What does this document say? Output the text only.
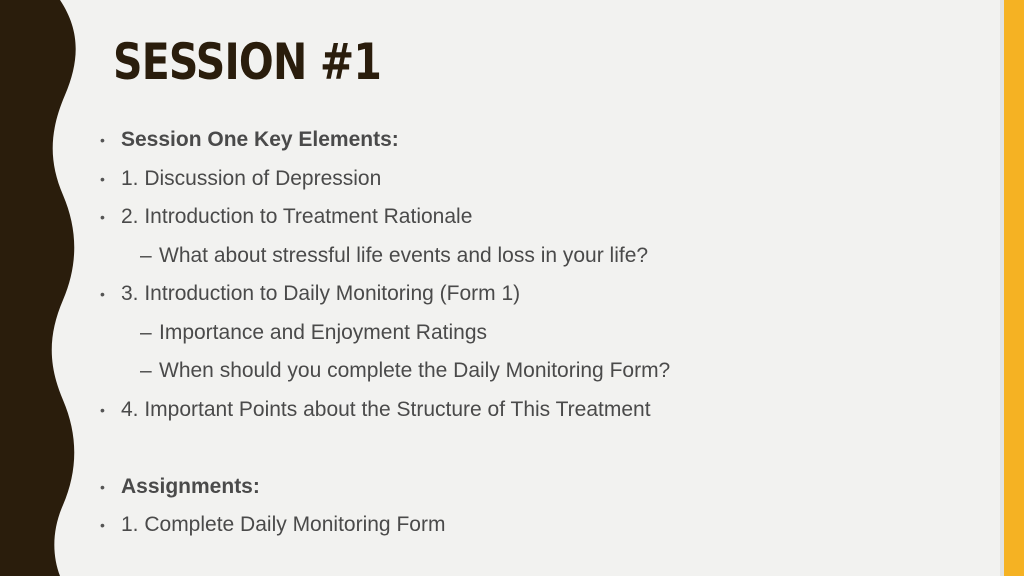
SESSION #1
• Session One Key Elements:
• 1. Discussion of Depression
• 2. Introduction to Treatment Rationale
– What about stressful life events and loss in your life?
• 3. Introduction to Daily Monitoring (Form 1)
– Importance and Enjoyment Ratings
– When should you complete the Daily Monitoring Form?
• 4. Important Points about the Structure of This Treatment
• Assignments:
• 1. Complete Daily Monitoring Form
